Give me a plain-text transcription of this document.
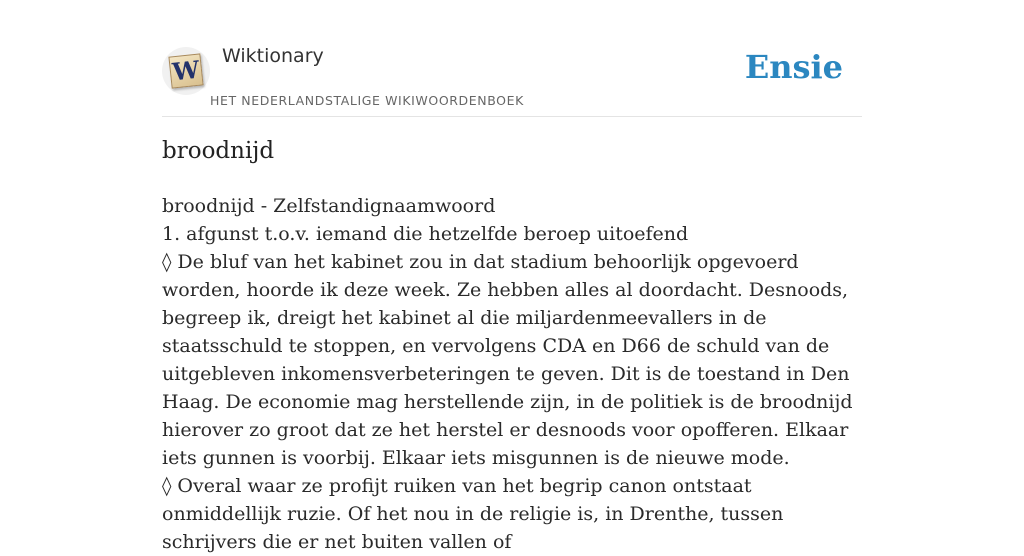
W Wiktionary
HET NEDERLANDSTALIGE WIKIWOORDENBOEK
Ensie
broodnijd

broodnijd - Zelfstandignaamwoord

1. afgunst t.o.v. iemand die hetzelfde beroep uitoefend

◊ De bluf van het kabinet zou in dat stadium behoorlijk opgevoerd worden, hoorde ik deze week. Ze hebben alles al doordacht. Desnoods, begreep ik, dreigt het kabinet al die miljardenmeevallers in de staatsschuld te stoppen, en vervolgens CDA en D66 de schuld van de uitgebleven inkomensverbeteringen te geven. Dit is de toestand in Den Haag. De economie mag herstellende zijn, in de politiek is de broodnijd hierover zo groot dat ze het herstel er desnoods voor opofferen. Elkaar iets gunnen is voorbij. Elkaar iets misgunnen is de nieuwe mode.

◊ Overal waar ze profijt ruiken van het begrip canon ontstaat onmiddellijk ruzie. Of het nou in de religie is, in Drenthe, tussen schrijvers die er net buiten vallen of
